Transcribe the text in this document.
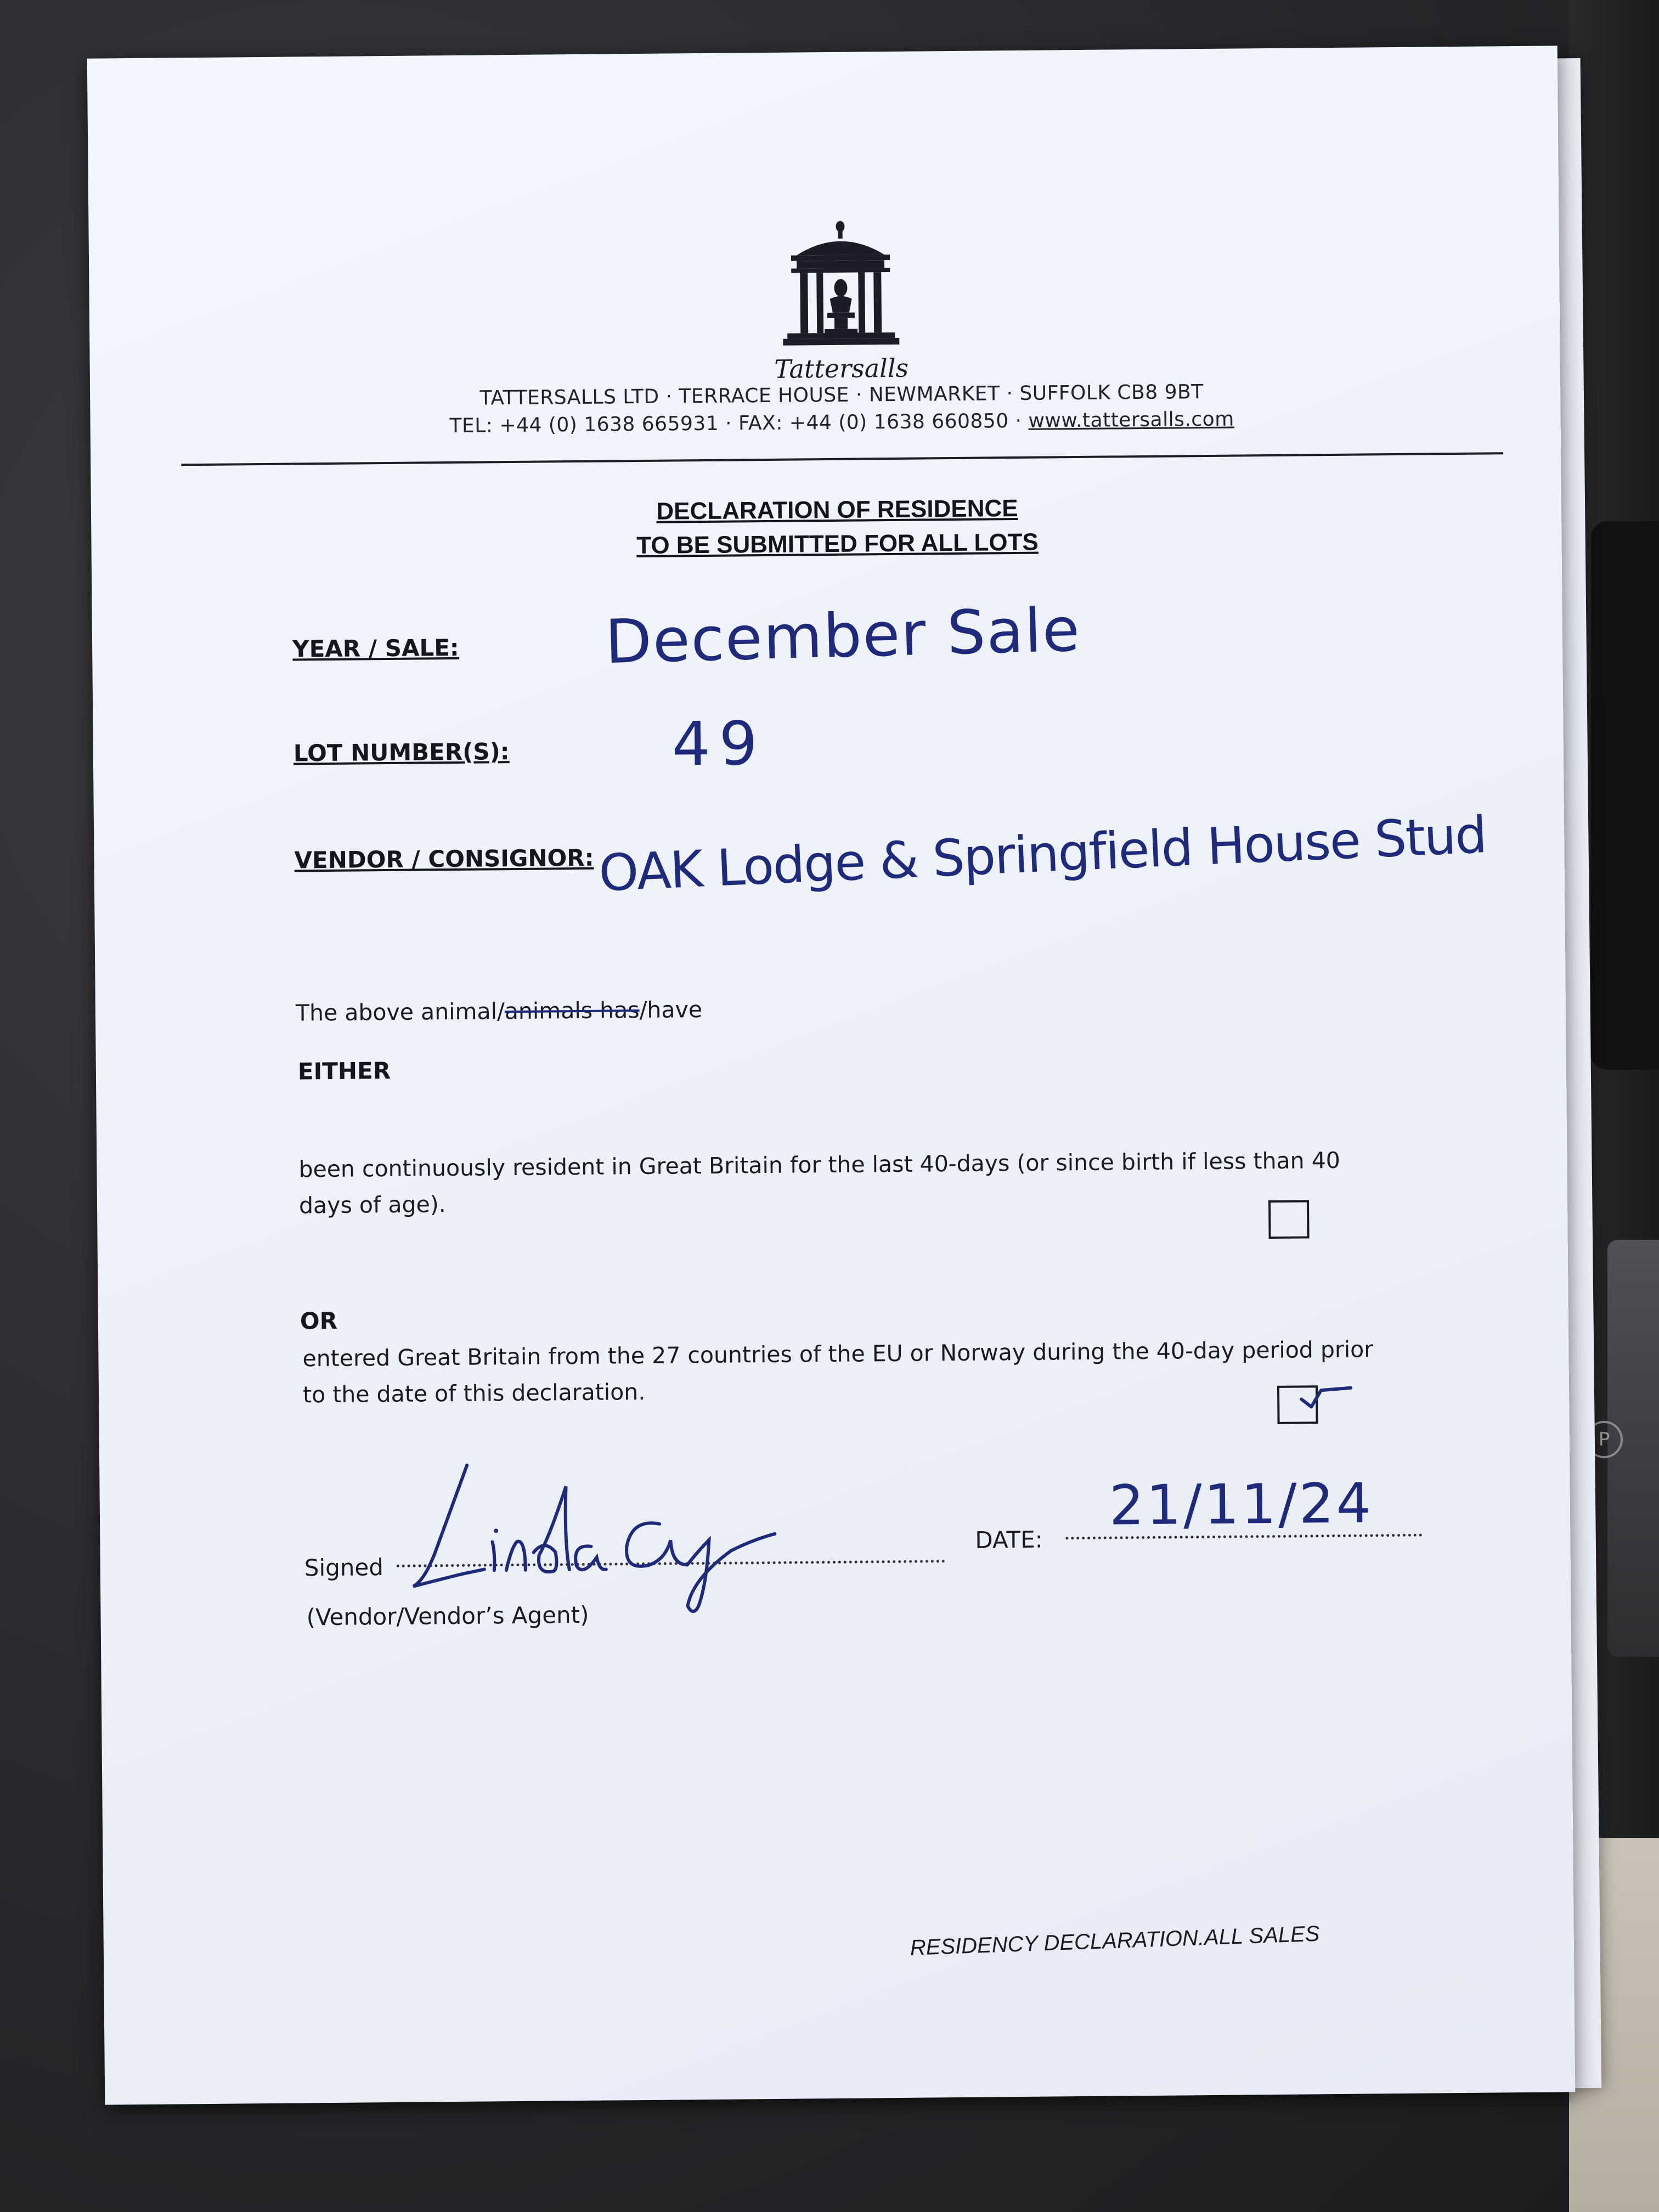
P
Tattersalls
TATTERSALLS LTD · TERRACE HOUSE · NEWMARKET · SUFFOLK CB8 9BT
TEL: +44 (0) 1638 665931 · FAX: +44 (0) 1638 660850 · www.tattersalls.com
DECLARATION OF RESIDENCE
TO BE SUBMITTED FOR ALL LOTS
YEAR / SALE: December Sale
LOT NUMBER(S):	49
VENDOR / CONSIGNOR: OAK Lodge & Springfield House Stud
The above animal/animals has/have
EITHER
been continuously resident in Great Britain for the last 40-days (or since birth if less than 40 days of age).
OR
entered Great Britain from the 27 countries of the EU or Norway during the 40-day period prior to the date of this declaration.
Signed
DATE:
21/11/24
(Vendor/Vendor’s Agent)
RESIDENCY DECLARATION.ALL SALES
